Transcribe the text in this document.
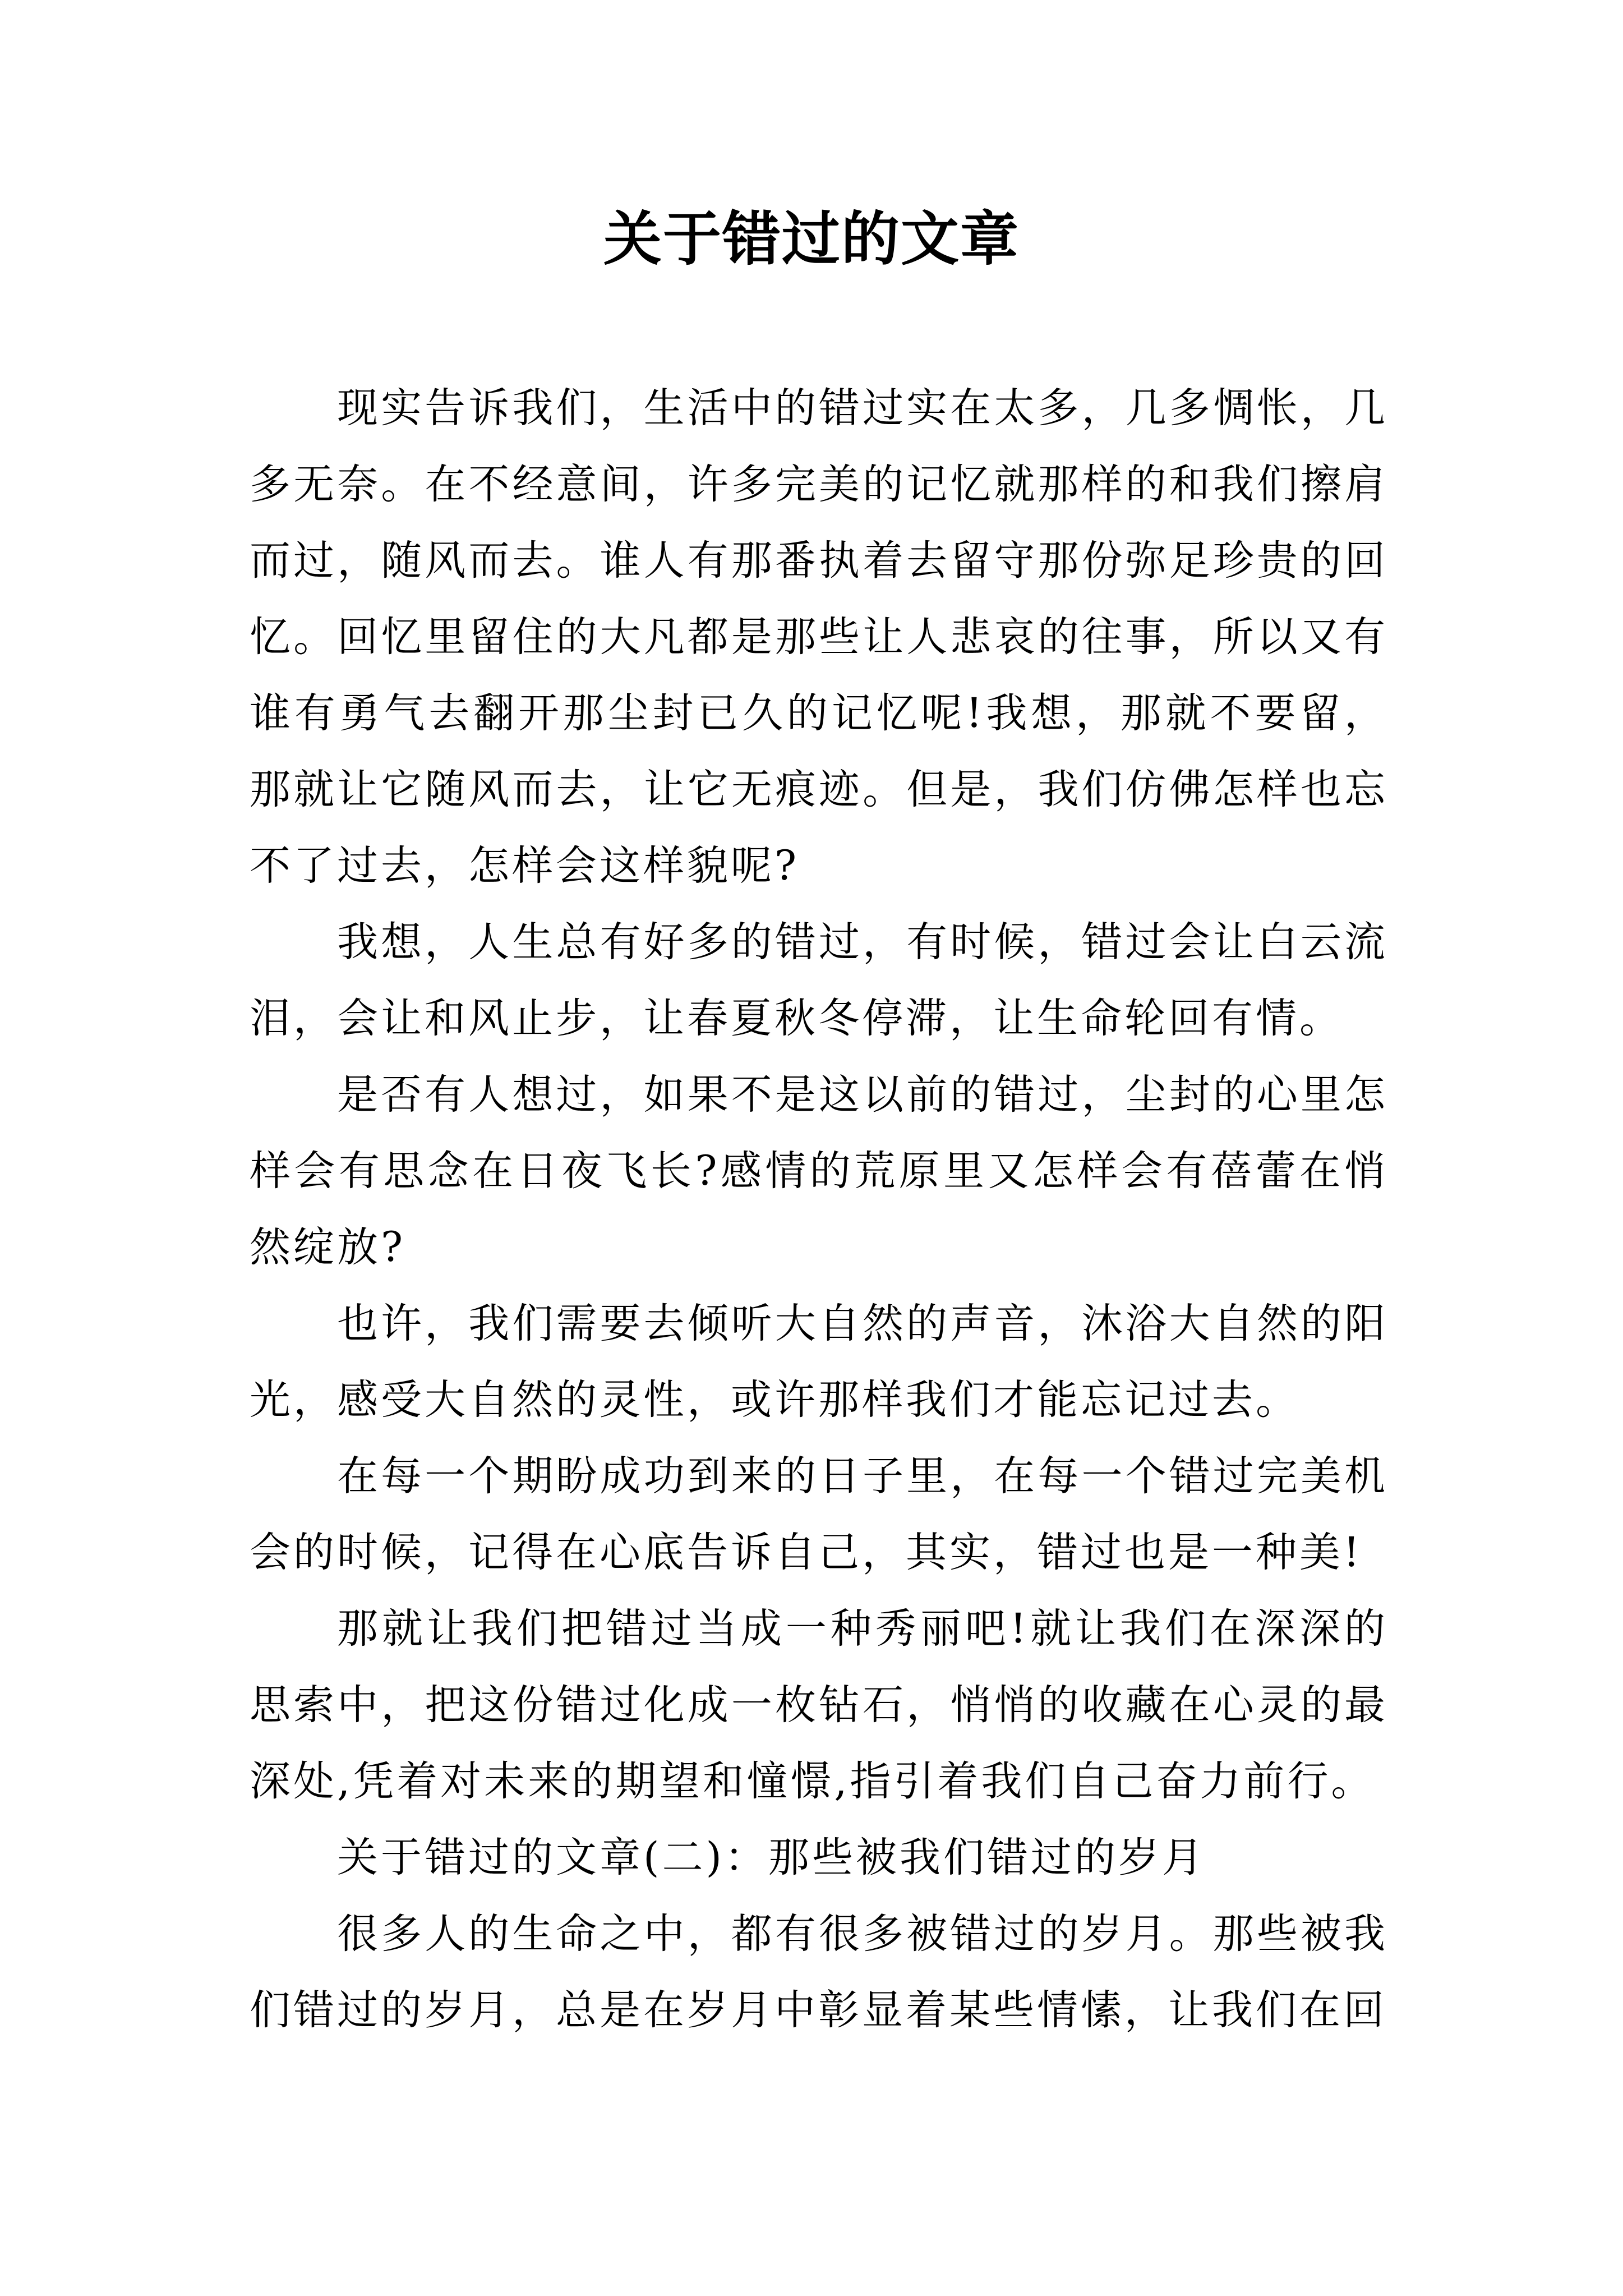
关于错过的文章

现实告诉我们，生活中的错过实在太多，几多惆怅，几多无奈。在不经意间，许多完美的记忆就那样的和我们擦肩而过，随风而去。谁人有那番执着去留守那份弥足珍贵的回忆。回忆里留住的大凡都是那些让人悲哀的往事，所以又有谁有勇气去翻开那尘封已久的记忆呢!我想，那就不要留，那就让它随风而去，让它无痕迹。但是，我们仿佛怎样也忘不了过去，怎样会这样貌呢?

我想，人生总有好多的错过，有时候，错过会让白云流泪，会让和风止步，让春夏秋冬停滞，让生命轮回有情。

是否有人想过，如果不是这以前的错过，尘封的心里怎样会有思念在日夜飞长?感情的荒原里又怎样会有蓓蕾在悄然绽放?

也许，我们需要去倾听大自然的声音，沐浴大自然的阳光，感受大自然的灵性，或许那样我们才能忘记过去。

在每一个期盼成功到来的日子里，在每一个错过完美机会的时候，记得在心底告诉自己，其实，错过也是一种美!

那就让我们把错过当成一种秀丽吧!就让我们在深深的思索中，把这份错过化成一枚钻石，悄悄的收藏在心灵的最深处,凭着对未来的期望和憧憬,指引着我们自己奋力前行。

关于错过的文章(二)：那些被我们错过的岁月

很多人的生命之中，都有很多被错过的岁月。那些被我们错过的岁月，总是在岁月中彰显着某些情愫，让我们在回
